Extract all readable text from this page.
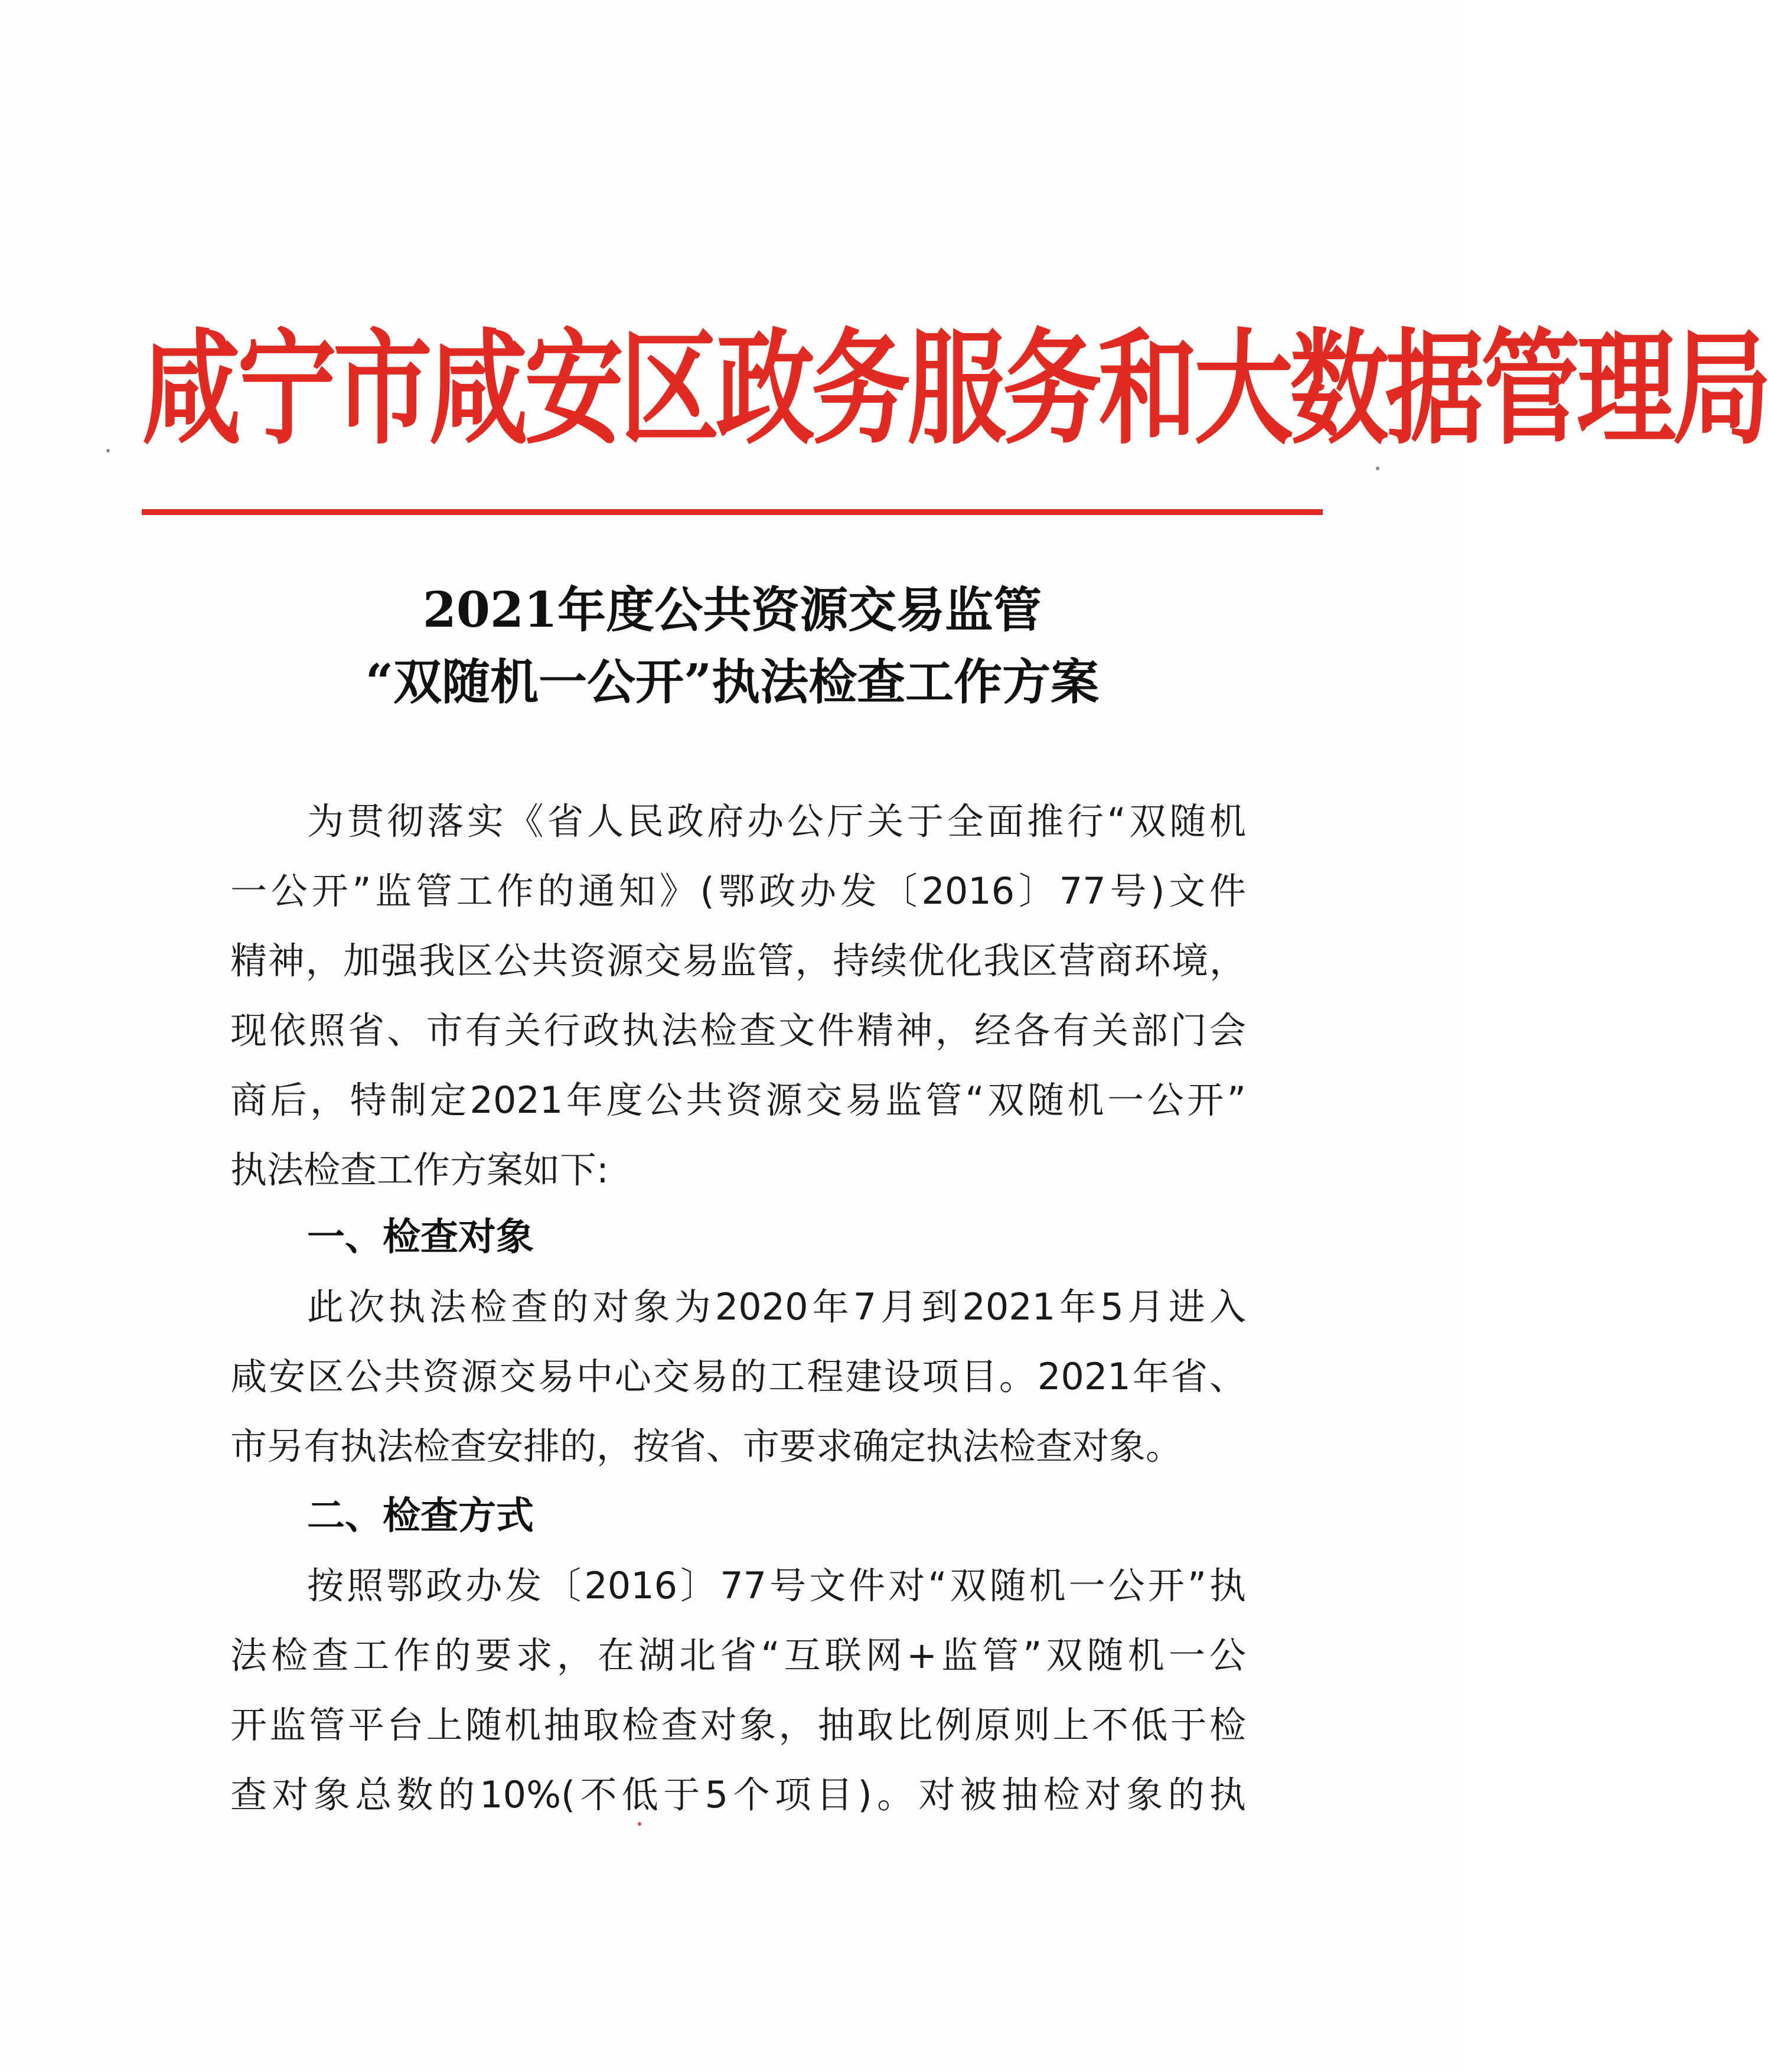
咸宁市咸安区政务服务和大数据管理局
2021年度公共资源交易监管
“双随机一公开”执法检查工作方案
为贯彻落实《省人民政府办公厅关于全面推行“双随机
一公开”监管工作的通知》(鄂政办发〔2016〕77号)文件
精神，加强我区公共资源交易监管，持续优化我区营商环境，
现依照省、市有关行政执法检查文件精神，经各有关部门会
商后，特制定2021年度公共资源交易监管“双随机一公开”
执法检查工作方案如下:
一、检查对象
此次执法检查的对象为2020年7月到2021年5月进入
咸安区公共资源交易中心交易的工程建设项目。2021年省、
市另有执法检查安排的，按省、市要求确定执法检查对象。
二、检查方式
按照鄂政办发〔2016〕77号文件对“双随机一公开”执
法检查工作的要求，在湖北省“互联网+监管”双随机一公
开监管平台上随机抽取检查对象，抽取比例原则上不低于检
查对象总数的10%(不低于5个项目)。对被抽检对象的执
